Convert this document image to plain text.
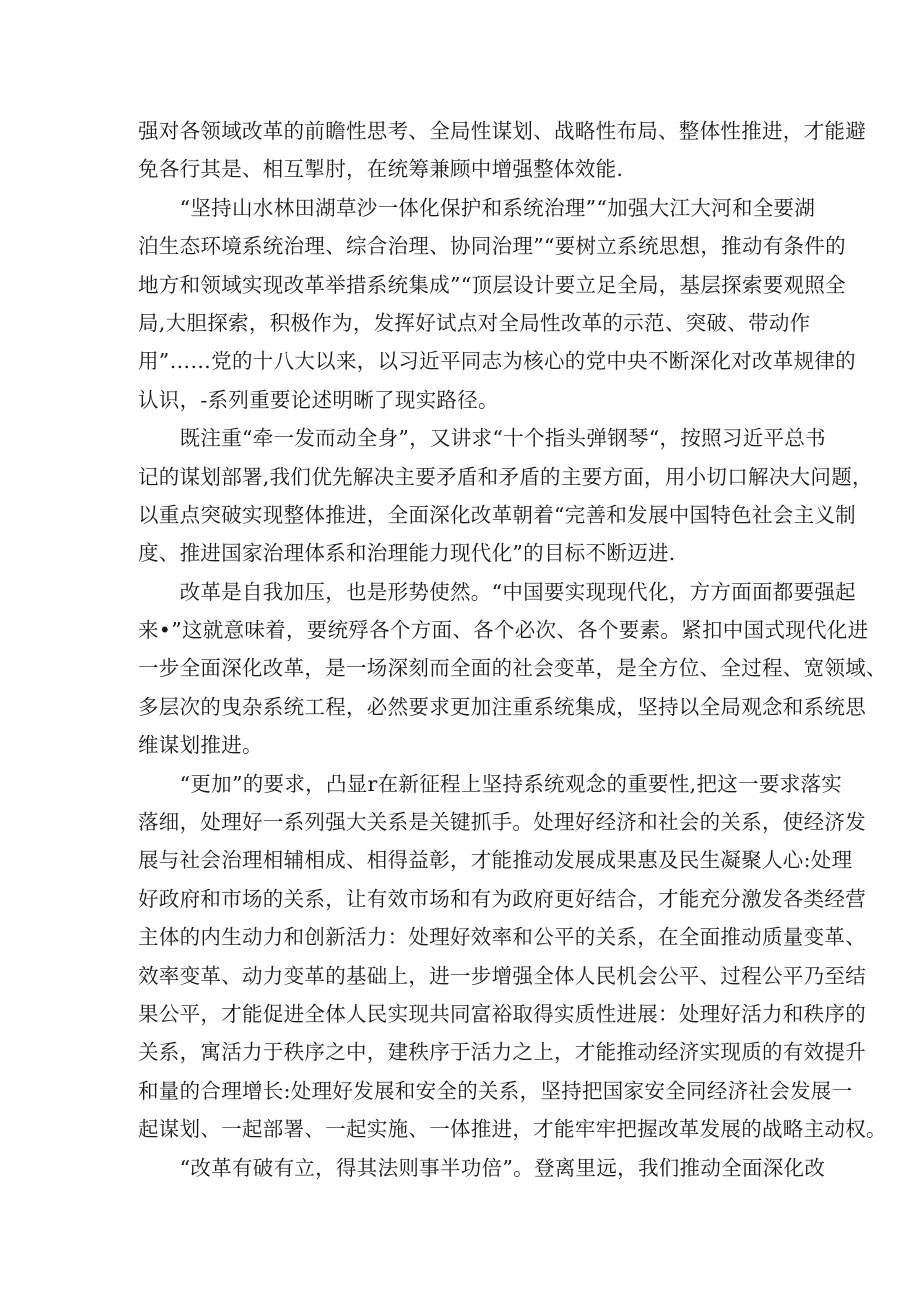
强对各领域改革的前瞻性思考、全局性谋划、战略性布局、整体性推进，才能避
免各行其是、相互掣肘，在统筹兼顾中增强整体效能.
　　“坚持山水林田湖草沙一体化保护和系统治理”“加强大江大河和全要湖
泊生态环境系统治理、综合治理、协同治理”“要树立系统思想，推动有条件的
地方和领域实现改革举措系统集成”“顶层设计要立足全局，基层探索要观照全
局,大胆探索，积极作为，发挥好试点对全局性改革的示范、突破、带动作
用”……党的十八大以来，以习近平同志为核心的党中央不断深化对改革规律的
认识，-系列重要论述明晰了现实路径。
　　既注重“牵一发而动全身”，又讲求“十个指头弹钢琴“，按照习近平总书
记的谋划部署,我们优先解决主要矛盾和矛盾的主要方面，用小切口解决大问题，
以重点突破实现整体推进，全面深化改革朝着“完善和发展中国特色社会主义制
度、推进国家治理体系和治理能力现代化”的目标不断迈进.
　　改革是自我加压，也是形势使然。“中国要实现现代化，方方面面都要强起
来•”这就意味着，要统殍各个方面、各个必次、各个要素。紧扣中国式现代化进
一步全面深化改革，是一场深刻而全面的社会变革，是全方位、全过程、宽领域、
多层次的曳杂系统工程，必然要求更加注重系统集成，坚持以全局观念和系统思
维谋划推进。
　　“更加”的要求，凸显r在新征程上坚持系统观念的重要性,把这一要求落实
落细，处理好一系列强大关系是关键抓手。处理好经济和社会的关系，使经济发
展与社会治理相辅相成、相得益彰，才能推动发展成果惠及民生凝聚人心:处理
好政府和市场的关系，让有效市场和有为政府更好结合，才能充分激发各类经营
主体的内生动力和创新活力：处理好效率和公平的关系，在全面推动质量变革、
效率变革、动力变革的基础上，进一步增强全体人民机会公平、过程公平乃至结
果公平，才能促进全体人民实现共同富裕取得实质性进展：处理好活力和秩序的
关系，寓活力于秩序之中，建秩序于活力之上，才能推动经济实现质的有效提升
和量的合理增长:处理好发展和安全的关系，坚持把国家安全同经济社会发展一
起谋划、一起部署、一起实施、一体推进，才能牢牢把握改革发展的战略主动权。
　　“改革有破有立，得其法则事半功倍”。登离里远，我们推动全面深化改
